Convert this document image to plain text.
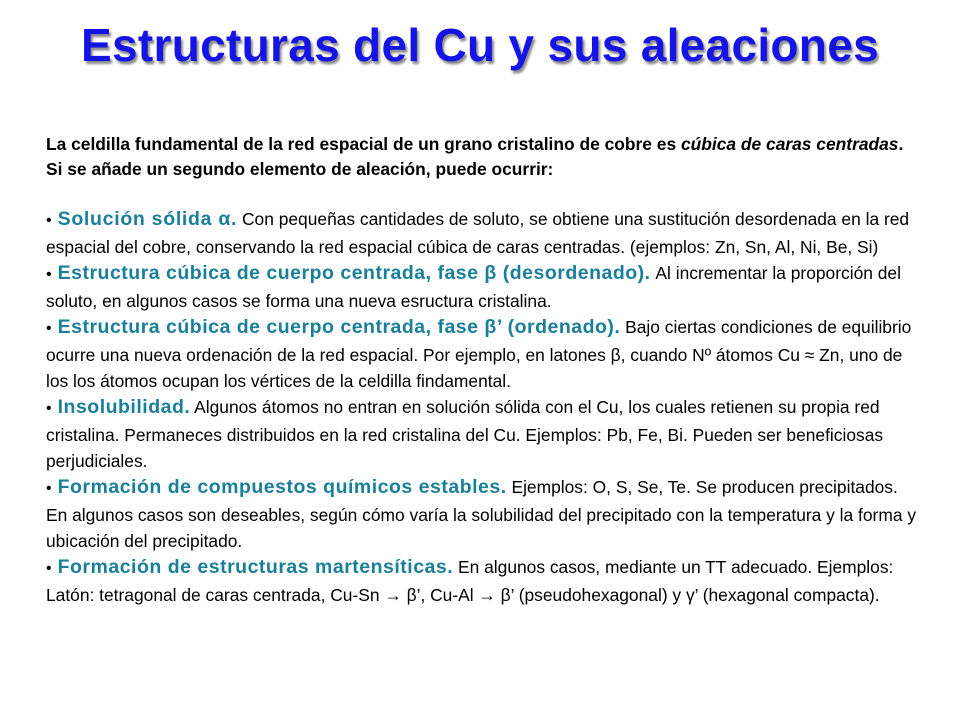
Estructuras del Cu y sus aleaciones

La celdilla fundamental de la red espacial de un grano cristalino de cobre es cúbica de caras centradas. Si se añade un segundo elemento de aleación, puede ocurrir:

• Solución sólida α. Con pequeñas cantidades de soluto, se obtiene una sustitución desordenada en la red espacial del cobre, conservando la red espacial cúbica de caras centradas. (ejemplos: Zn, Sn, Al, Ni, Be, Si)
• Estructura cúbica de cuerpo centrada, fase β (desordenado). Al incrementar la proporción del soluto, en algunos casos se forma una nueva esructura cristalina.
• Estructura cúbica de cuerpo centrada, fase β’ (ordenado). Bajo ciertas condiciones de equilibrio ocurre una nueva ordenación de la red espacial. Por ejemplo, en latones β, cuando Nº átomos Cu ≈ Zn, uno de los los átomos ocupan los vértices de la celdilla findamental.
• Insolubilidad. Algunos átomos no entran en solución sólida con el Cu, los cuales retienen su propia red cristalina. Permaneces distribuidos en la red cristalina del Cu. Ejemplos: Pb, Fe, Bi. Pueden ser beneficiosas perjudiciales.
• Formación de compuestos químicos estables. Ejemplos: O, S, Se, Te. Se producen precipitados. En algunos casos son deseables, según cómo varía la solubilidad del precipitado con la temperatura y la forma y ubicación del precipitado.
• Formación de estructuras martensíticas. En algunos casos, mediante un TT adecuado. Ejemplos: Latón: tetragonal de caras centrada, Cu-Sn → β’, Cu-Al → β’ (pseudohexagonal) y γ’ (hexagonal compacta).
